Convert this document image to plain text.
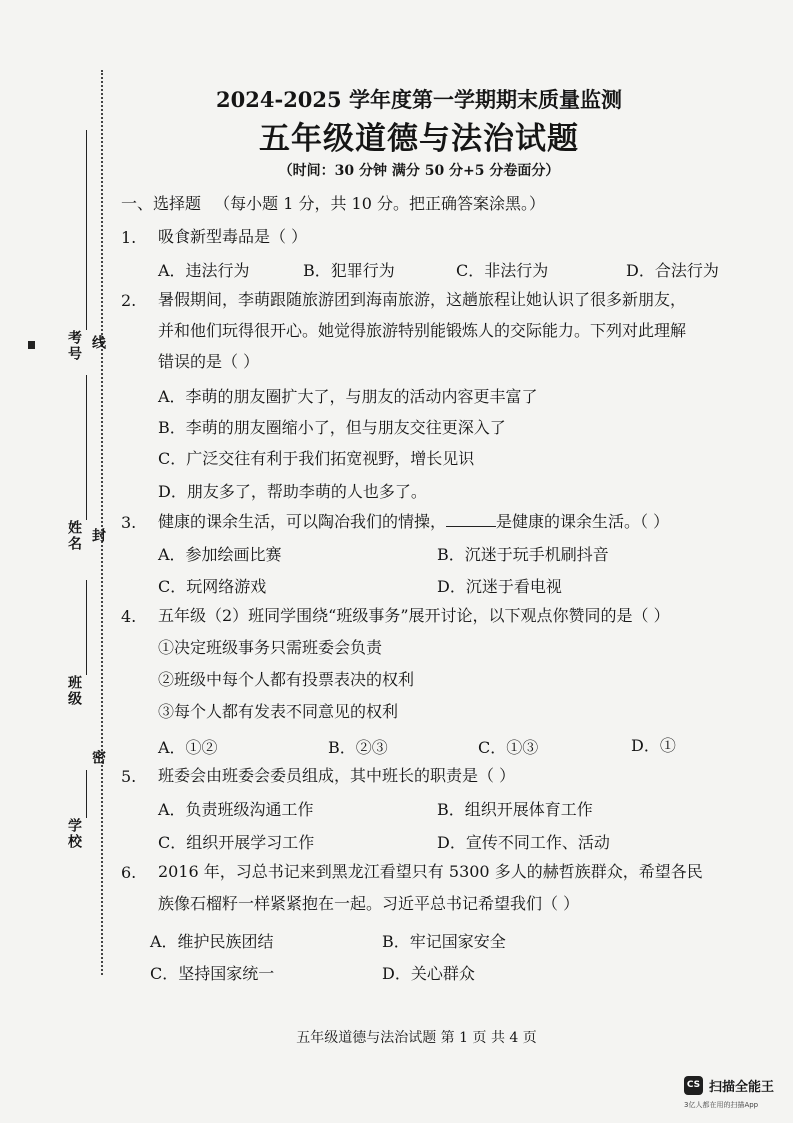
考号 线
姓名 封
班级
密
学校
2024-2025 学年度第一学期期末质量监测
五年级道德与法治试题
（时间：30 分钟 满分 50 分+5 分卷面分）
一、选择题 （每小题 1 分，共 10 分。把正确答案涂黑。）
1. 吸食新型毒品是（ ）
A．违法行为	B．犯罪行为	C．非法行为	D．合法行为
2. 暑假期间，李萌跟随旅游团到海南旅游，这趟旅程让她认识了很多新朋友，
并和他们玩得很开心。她觉得旅游特别能锻炼人的交际能力。下列对此理解
错误的是（ ）
A．李萌的朋友圈扩大了，与朋友的活动内容更丰富了
B．李萌的朋友圈缩小了，但与朋友交往更深入了
C．广泛交往有利于我们拓宽视野，增长见识
D．朋友多了，帮助李萌的人也多了。
3. 健康的课余生活，可以陶冶我们的情操，	是健康的课余生活。（ ）
A．参加绘画比赛	B．沉迷于玩手机刷抖音
C．玩网络游戏	D．沉迷于看电视
4. 五年级（2）班同学围绕“班级事务”展开讨论，以下观点你赞同的是（ ）
①决定班级事务只需班委会负责
②班级中每个人都有投票表决的权利
③每个人都有发表不同意见的权利
A．①②	B．②③	C．①③	D．①
5. 班委会由班委会委员组成，其中班长的职责是（ ）
A．负责班级沟通工作	B．组织开展体育工作
C．组织开展学习工作	D．宣传不同工作、活动
6. 2016 年，习总书记来到黑龙江看望只有 5300 多人的赫哲族群众，希望各民
族像石榴籽一样紧紧抱在一起。习近平总书记希望我们（ ）
A．维护民族团结	B．牢记国家安全
C．坚持国家统一	D．关心群众
五年级道德与法治试题 第 1 页 共 4 页
CS 扫描全能王
3亿人都在用的扫描App
